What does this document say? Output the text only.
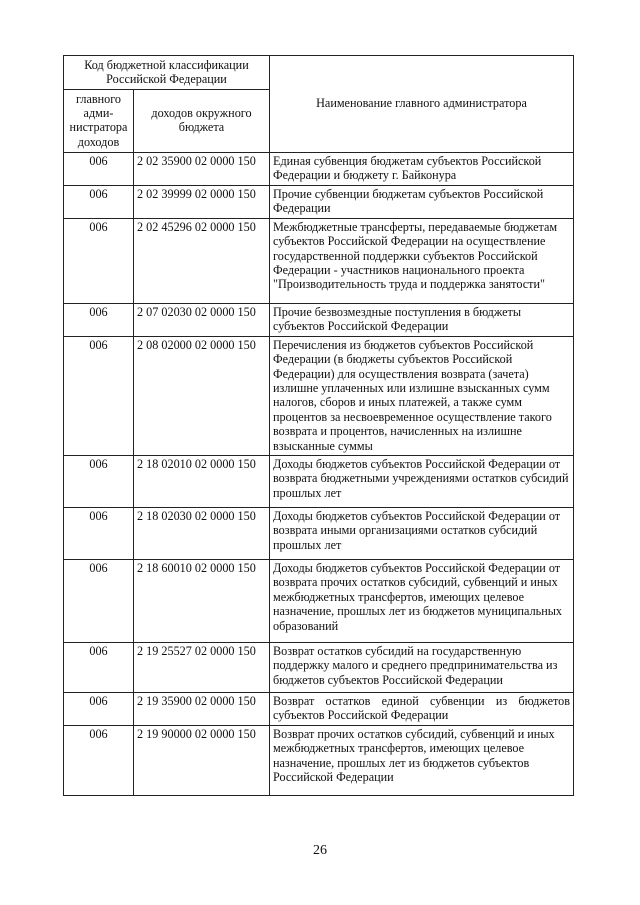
Код бюджетной классификации Российской Федерации		Наименование главного администратора
главного адми-нистратора доходов	доходов окружного бюджета	
006	2 02 35900 02 0000 150	Единая субвенция бюджетам субъектов Российской Федерации и бюджету г. Байконура
006	2 02 39999 02 0000 150	Прочие субвенции бюджетам субъектов Российской Федерации
006	2 02 45296 02 0000 150	Межбюджетные трансферты, передаваемые бюджетам субъектов Российской Федерации на осуществление государственной поддержки субъектов Российской Федерации - участников национального проекта "Производительность труда и поддержка занятости"
006	2 07 02030 02 0000 150	Прочие безвозмездные поступления в бюджеты субъектов Российской Федерации
006	2 08 02000 02 0000 150	Перечисления из бюджетов субъектов Российской Федерации (в бюджеты субъектов Российской Федерации) для осуществления возврата (зачета) излишне уплаченных или излишне взысканных сумм налогов, сборов и иных платежей, а также сумм процентов за несвоевременное осуществление такого возврата и процентов, начисленных на излишне взысканные суммы
006	2 18 02010 02 0000 150	Доходы бюджетов субъектов Российской Федерации от возврата бюджетными учреждениями остатков субсидий прошлых лет
006	2 18 02030 02 0000 150	Доходы бюджетов субъектов Российской Федерации от возврата иными организациями остатков субсидий прошлых лет
006	2 18 60010 02 0000 150	Доходы бюджетов субъектов Российской Федерации от возврата прочих остатков субсидий, субвенций и иных межбюджетных трансфертов, имеющих целевое назначение, прошлых лет из бюджетов муниципальных образований
006	2 19 25527 02 0000 150	Возврат остатков субсидий на государственную поддержку малого и среднего предпринимательства из бюджетов субъектов Российской Федерации
006	2 19 35900 02 0000 150	Возврат остатков единой субвенции из бюджетов субъектов Российской Федерации
006	2 19 90000 02 0000 150	Возврат прочих остатков субсидий, субвенций и иных межбюджетных трансфертов, имеющих целевое назначение, прошлых лет из бюджетов субъектов Российской Федерации
26
